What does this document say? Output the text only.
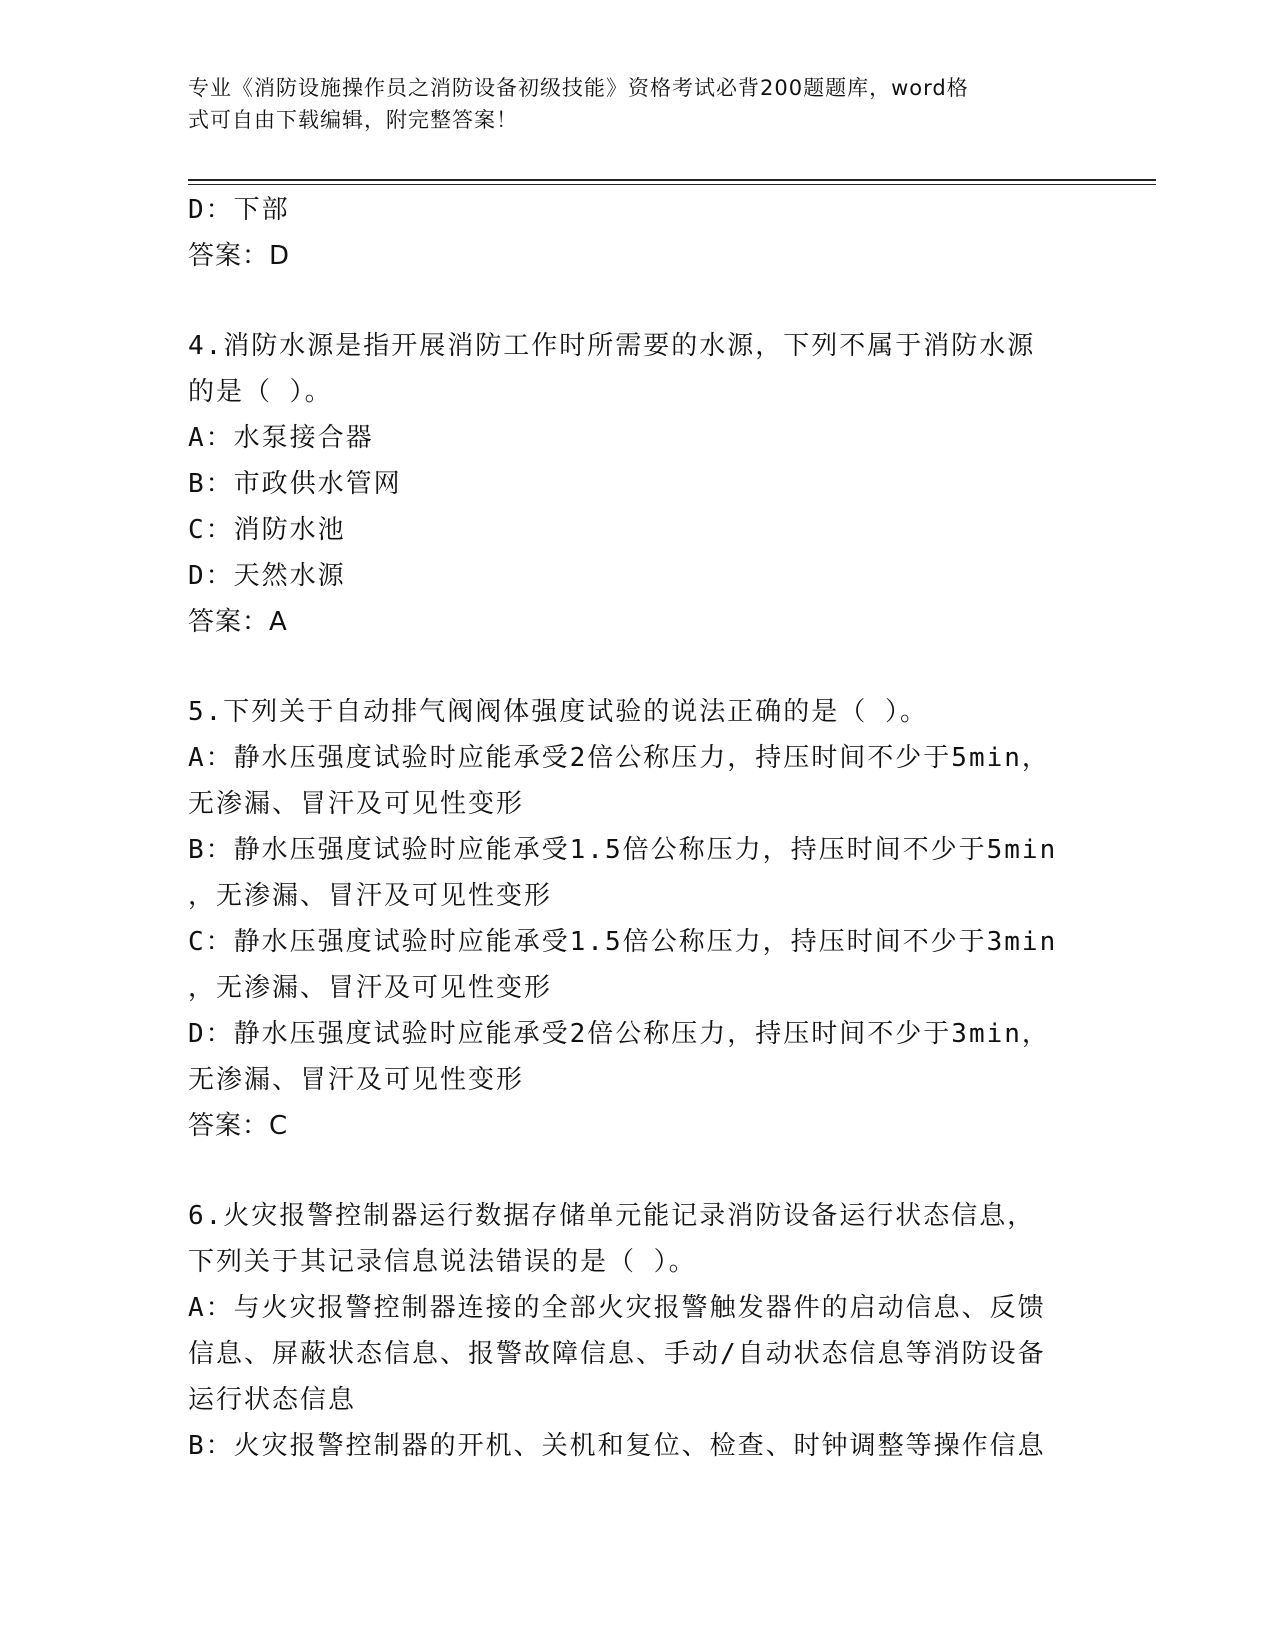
专业《消防设施操作员之消防设备初级技能》资格考试必背200题题库，word格
式可自由下载编辑，附完整答案！
D：下部
答案：D
4.消防水源是指开展消防工作时所需要的水源，下列不属于消防水源
的是（ ）。
A：水泵接合器
B：市政供水管网
C：消防水池
D：天然水源
答案：A
5.下列关于自动排气阀阀体强度试验的说法正确的是（ ）。
A：静水压强度试验时应能承受2倍公称压力，持压时间不少于5min，
无渗漏、冒汗及可见性变形
B：静水压强度试验时应能承受1.5倍公称压力，持压时间不少于5min
，无渗漏、冒汗及可见性变形
C：静水压强度试验时应能承受1.5倍公称压力，持压时间不少于3min
，无渗漏、冒汗及可见性变形
D：静水压强度试验时应能承受2倍公称压力，持压时间不少于3min，
无渗漏、冒汗及可见性变形
答案：C
6.火灾报警控制器运行数据存储单元能记录消防设备运行状态信息，
下列关于其记录信息说法错误的是（ ）。
A：与火灾报警控制器连接的全部火灾报警触发器件的启动信息、反馈
信息、屏蔽状态信息、报警故障信息、手动/自动状态信息等消防设备
运行状态信息
B：火灾报警控制器的开机、关机和复位、检查、时钟调整等操作信息
